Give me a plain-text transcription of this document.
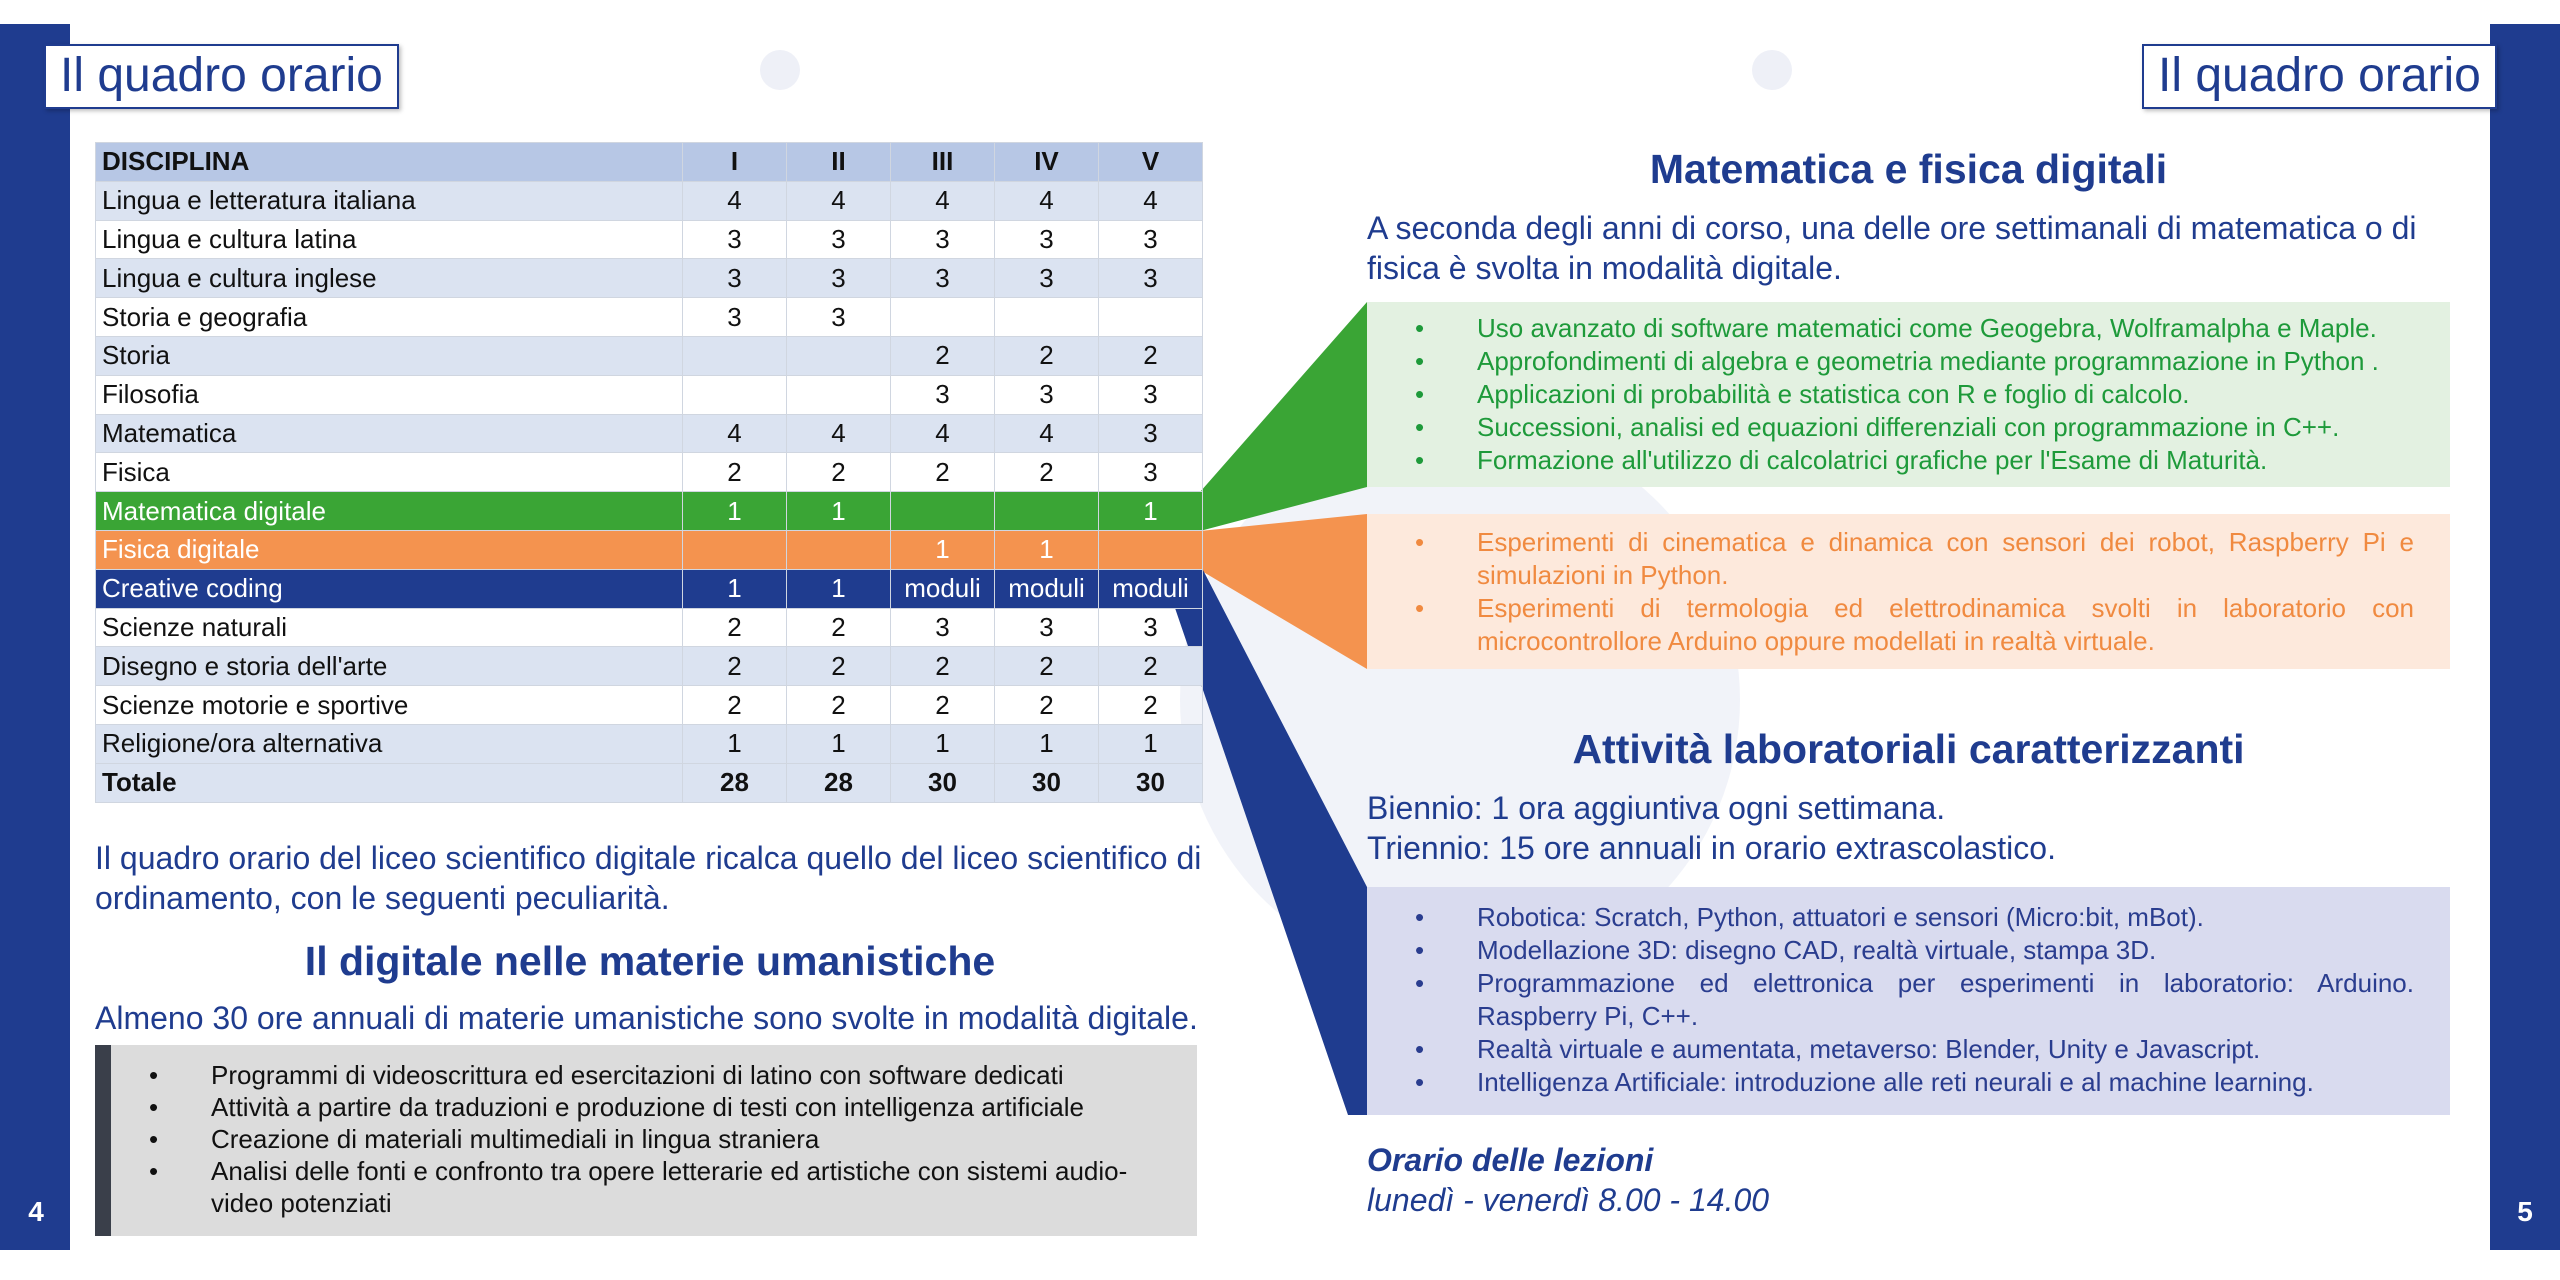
4	5
Il quadro orario	Il quadro orario
DISCIPLINA	I	II	III	IV	V
Lingua e letteratura italiana	4	4	4	4	4
Lingua e cultura latina	3	3	3	3	3
Lingua e cultura inglese	3	3	3	3	3
Storia e geografia	3	3			
Storia			2	2	2
Filosofia			3	3	3
Matematica	4	4	4	4	3
Fisica	2	2	2	2	3
Matematica digitale	1	1			1
Fisica digitale			1	1	
Creative coding	1	1	moduli	moduli	moduli
Scienze naturali	2	2	3	3	3
Disegno e storia dell'arte	2	2	2	2	2
Scienze motorie e sportive	2	2	2	2	2
Religione/ora alternativa	1	1	1	1	1
Totale	28	28	30	30	30
Il quadro orario del liceo scientifico digitale ricalca quello del liceo scientifico di ordinamento, con le seguenti peculiarità.
Il digitale nelle materie umanistiche
Almeno 30 ore annuali di materie umanistiche sono svolte in modalità digitale.
• Programmi di videoscrittura ed esercitazioni di latino con software dedicati
• Attività a partire da traduzioni e produzione di testi con intelligenza artificiale
• Creazione di materiali multimediali in lingua straniera
• Analisi delle fonti e confronto tra opere letterarie ed artistiche con sistemi audio-video potenziati
Matematica e fisica digitali
A seconda degli anni di corso, una delle ore settimanali di matematica o di fisica è svolta in modalità digitale.
• Uso avanzato di software matematici come Geogebra, Wolframalpha e Maple.
• Approfondimenti di algebra e geometria mediante programmazione in Python .
• Applicazioni di probabilità e statistica con R e foglio di calcolo.
• Successioni, analisi ed equazioni differenziali con programmazione in C++.
• Formazione all'utilizzo di calcolatrici grafiche per l'Esame di Maturità.
• Esperimenti di cinematica e dinamica con sensori dei robot, Raspberry Pi e simulazioni in Python.
• Esperimenti di termologia ed elettrodinamica svolti in laboratorio con microcontrollore Arduino oppure modellati in realtà virtuale.
Attività laboratoriali caratterizzanti
Biennio: 1 ora aggiuntiva ogni settimana.
Triennio: 15 ore annuali in orario extrascolastico.
• Robotica: Scratch, Python, attuatori e sensori (Micro:bit, mBot).
• Modellazione 3D: disegno CAD, realtà virtuale, stampa 3D.
• Programmazione ed elettronica per esperimenti in laboratorio: Arduino. Raspberry Pi, C++.
• Realtà virtuale e aumentata, metaverso: Blender, Unity e Javascript.
• Intelligenza Artificiale: introduzione alle reti neurali e al machine learning.
Orario delle lezioni
lunedì - venerdì 8.00 - 14.00
